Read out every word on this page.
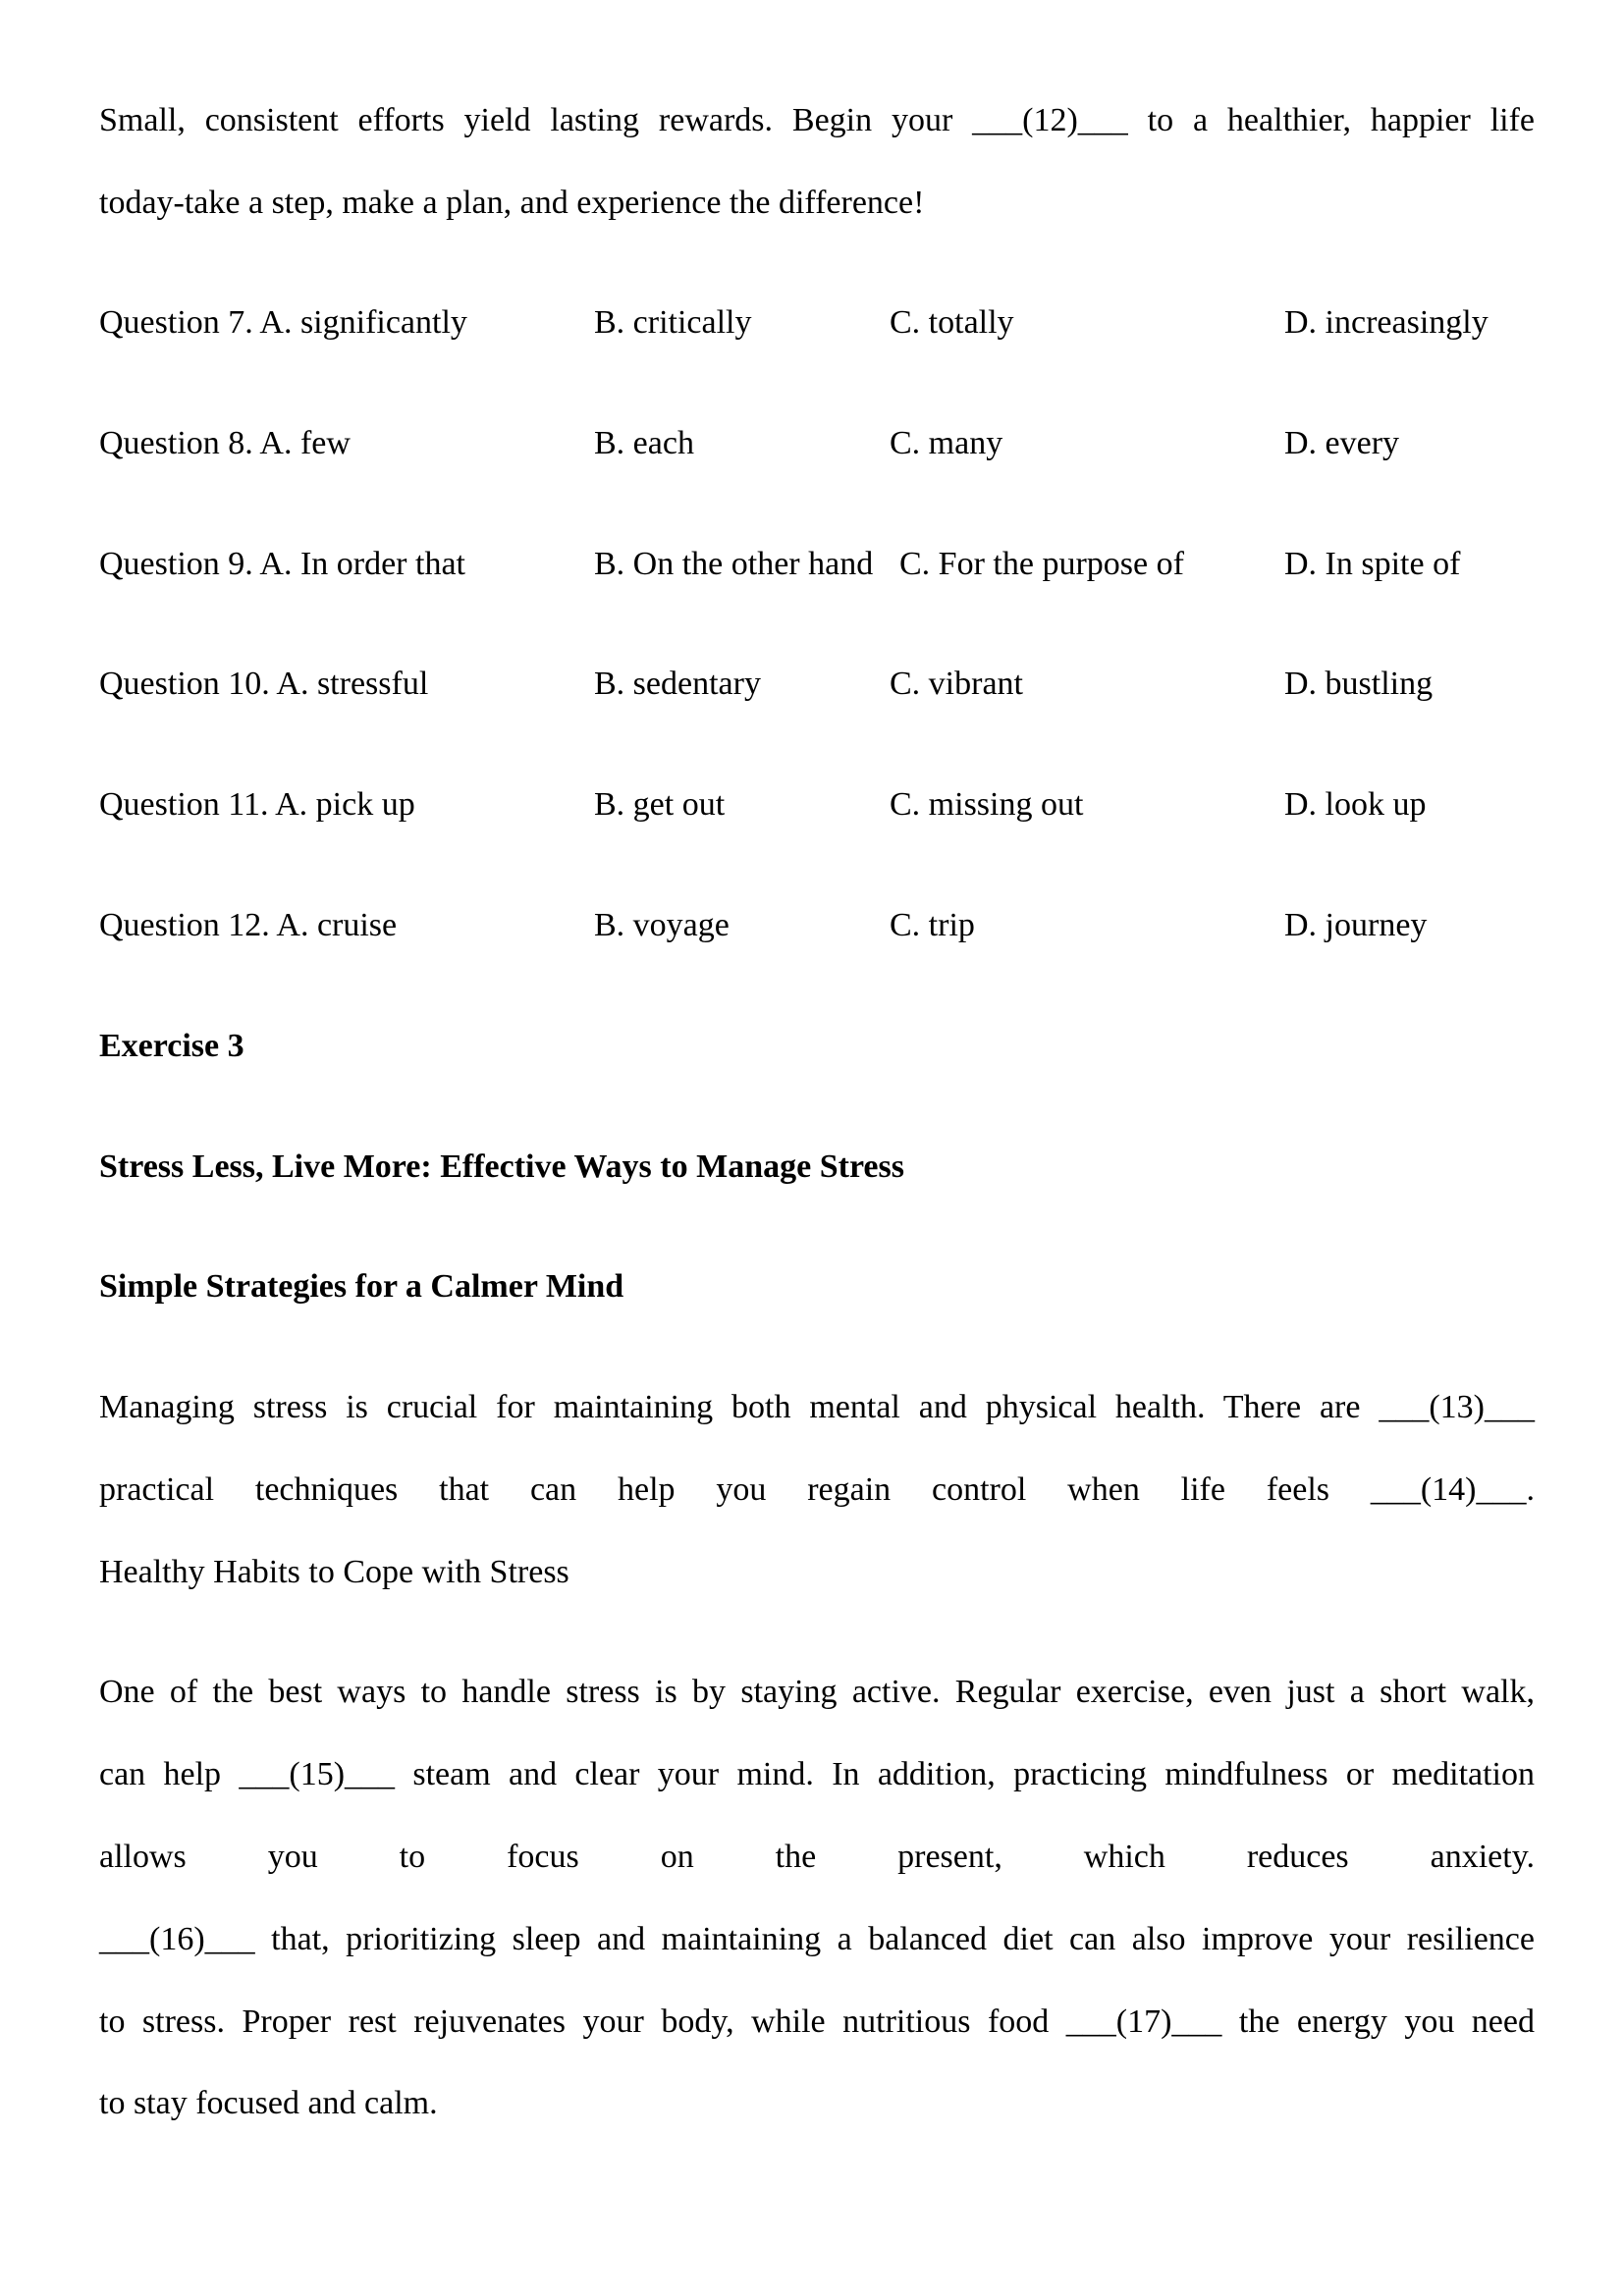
Small, consistent efforts yield lasting rewards. Begin your ___(12)___ to a healthier, happier life
today-take a step, make a plan, and experience the difference!
Question 7. A. significantly	B. critically	C. totally	D. increasingly
Question 8. A. few	B. each	C. many	D. every
Question 9. A. In order that	B. On the other hand C. For the purpose of	D. In spite of
Question 10. A. stressful	B. sedentary	C. vibrant	D. bustling
Question 11. A. pick up	B. get out	C. missing out	D. look up
Question 12. A. cruise	B. voyage	C. trip	D. journey
Exercise 3
Stress Less, Live More: Effective Ways to Manage Stress
Simple Strategies for a Calmer Mind
Managing stress is crucial for maintaining both mental and physical health. There are ___(13)___
practical techniques that can help you regain control when life feels ___(14)___.
Healthy Habits to Cope with Stress
One of the best ways to handle stress is by staying active. Regular exercise, even just a short walk,
can help ___(15)___ steam and clear your mind. In addition, practicing mindfulness or meditation
allows you to focus on the present, which reduces anxiety.
___(16)___ that, prioritizing sleep and maintaining a balanced diet can also improve your resilience
to stress. Proper rest rejuvenates your body, while nutritious food ___(17)___ the energy you need
to stay focused and calm.
